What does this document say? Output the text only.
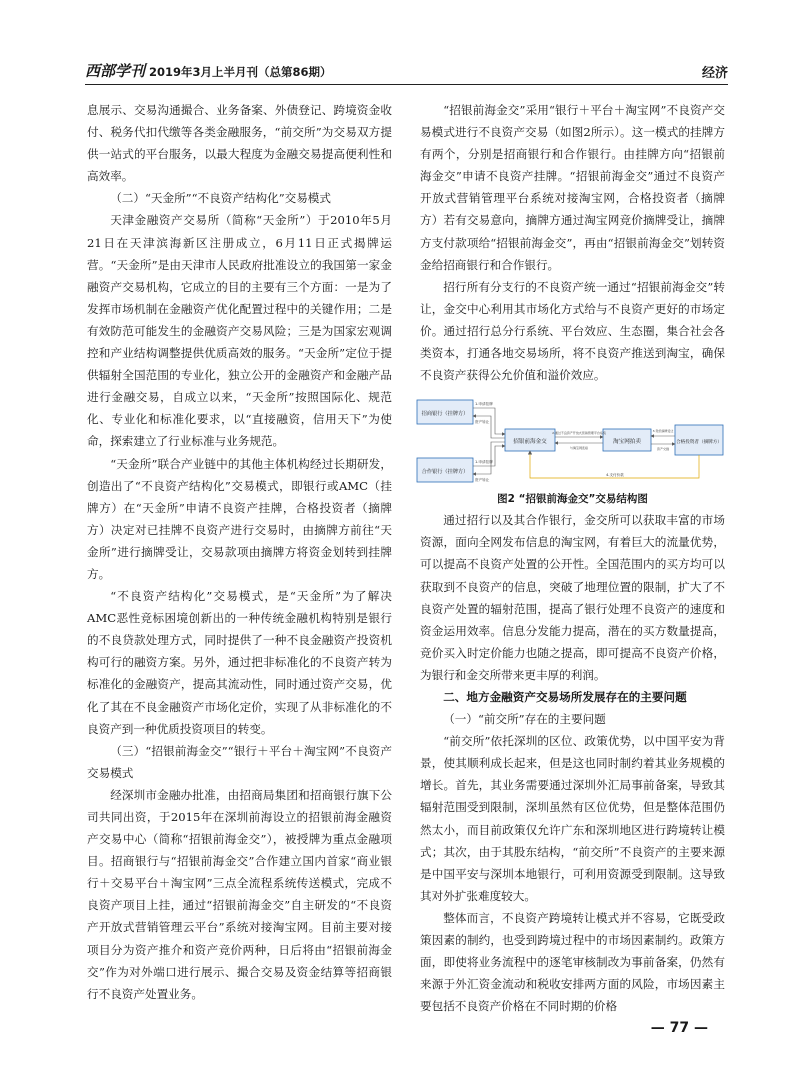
西部学刊 2019年3月上半月刊（总第86期）	经济

息展示、交易沟通撮合、业务备案、外债登记、跨境资金收付、税务代扣代缴等各类金融服务，“前交所”为交易双方提供一站式的平台服务，以最大程度为金融交易提高便利性和高效率。

（二）“天金所”“不良资产结构化”交易模式

天津金融资产交易所（简称“天金所”）于2010年5月21日在天津滨海新区注册成立，6月11日正式揭牌运营。“天金所”是由天津市人民政府批准设立的我国第一家金融资产交易机构，它成立的目的主要有三个方面：一是为了发挥市场机制在金融资产优化配置过程中的关键作用；二是有效防范可能发生的金融资产交易风险；三是为国家宏观调控和产业结构调整提供优质高效的服务。“天金所”定位于提供辐射全国范围的专业化，独立公开的金融资产和金融产品进行金融交易，自成立以来，“天金所”按照国际化、规范化、专业化和标准化要求，以“直接融资，信用天下”为使命，探索建立了行业标准与业务规范。

“天金所”联合产业链中的其他主体机构经过长期研发，创造出了“不良资产结构化”交易模式，即银行或AMC（挂牌方）在“天金所”申请不良资产挂牌，合格投资者（摘牌方）决定对已挂牌不良资产进行交易时，由摘牌方前往“天金所”进行摘牌受让，交易款项由摘牌方将资金划转到挂牌方。

“不良资产结构化”交易模式，是“天金所”为了解决AMC恶性竞标困境创新出的一种传统金融机构特别是银行的不良贷款处理方式，同时提供了一种不良金融资产投资机构可行的融资方案。另外，通过把非标准化的不良资产转为标准化的金融资产，提高其流动性，同时通过资产交易，优化了其在不良金融资产市场化定价，实现了从非标准化的不良资产到一种优质投资项目的转变。

（三）“招银前海金交”“银行＋平台＋淘宝网”不良资产交易模式

经深圳市金融办批准，由招商局集团和招商银行旗下公司共同出资，于2015年在深圳前海设立的招银前海金融资产交易中心（简称“招银前海金交”），被授牌为重点金融项目。招商银行与“招银前海金交”合作建立国内首家“商业银行＋交易平台＋淘宝网”三点全流程系统传送模式，完成不良资产项目上挂，通过“招银前海金交”自主研发的“不良资产开放式营销管理云平台”系统对接淘宝网。目前主要对接项目分为资产推介和资产竞价两种，日后将由“招银前海金交”作为对外端口进行展示、撮合交易及资金结算等招商银行不良资产处置业务。

“招银前海金交”采用“银行＋平台＋淘宝网”不良资产交易模式进行不良资产交易（如图2所示）。这一模式的挂牌方有两个，分别是招商银行和合作银行。由挂牌方向“招银前海金交”申请不良资产挂牌。“招银前海金交”通过不良资产开放式营销管理平台系统对接淘宝网，合格投资者（摘牌方）若有交易意向，摘牌方通过淘宝网竞价摘牌受让，摘牌方支付款项给“招银前海金交”，再由“招银前海金交”划转资金给招商银行和合作银行。

招行所有分支行的不良资产统一通过“招银前海金交”转让，金交中心利用其市场化方式给与不良资产更好的市场定价。通过招行总分行系统、平台效应、生态圈，集合社会各类资本，打通各地交易场所，将不良资产推送到淘宝，确保不良资产获得公允价值和溢价效应。

招商银行（挂牌方）
合作银行（挂牌方）
招银前海金交	淘宝网拍卖	合格投资者（摘牌方）
1.申请挂牌
资产转让
1.申请挂牌
资产转让
2.通过不良资产开放式营销管理平台系统
与淘宝网连接
3.竞价摘牌受让
资产交割
4.支付价款

图2 “招银前海金交”交易结构图

通过招行以及其合作银行，金交所可以获取丰富的市场资源，面向全网发布信息的淘宝网，有着巨大的流量优势，可以提高不良资产处置的公开性。全国范围内的买方均可以获取到不良资产的信息，突破了地理位置的限制，扩大了不良资产处置的辐射范围，提高了银行处理不良资产的速度和资金运用效率。信息分发能力提高，潜在的买方数量提高，竞价买入时定价能力也随之提高，即可提高不良资产价格，为银行和金交所带来更丰厚的利润。

二、地方金融资产交易场所发展存在的主要问题

（一）“前交所”存在的主要问题

“前交所”依托深圳的区位、政策优势，以中国平安为背景，使其顺利成长起来，但是这也同时制约着其业务规模的增长。首先，其业务需要通过深圳外汇局事前备案，导致其辐射范围受到限制，深圳虽然有区位优势，但是整体范围仍然太小，而目前政策仅允许广东和深圳地区进行跨境转让模式；其次，由于其股东结构，“前交所”不良资产的主要来源是中国平安与深圳本地银行，可利用资源受到限制。这导致其对外扩张难度较大。

整体而言，不良资产跨境转让模式并不容易，它既受政策因素的制约，也受到跨境过程中的市场因素制约。政策方面，即使将业务流程中的逐笔审核制改为事前备案，仍然有来源于外汇资金流动和税收安排两方面的风险，市场因素主要包括不良资产价格在不同时期的价格

— 77 —
